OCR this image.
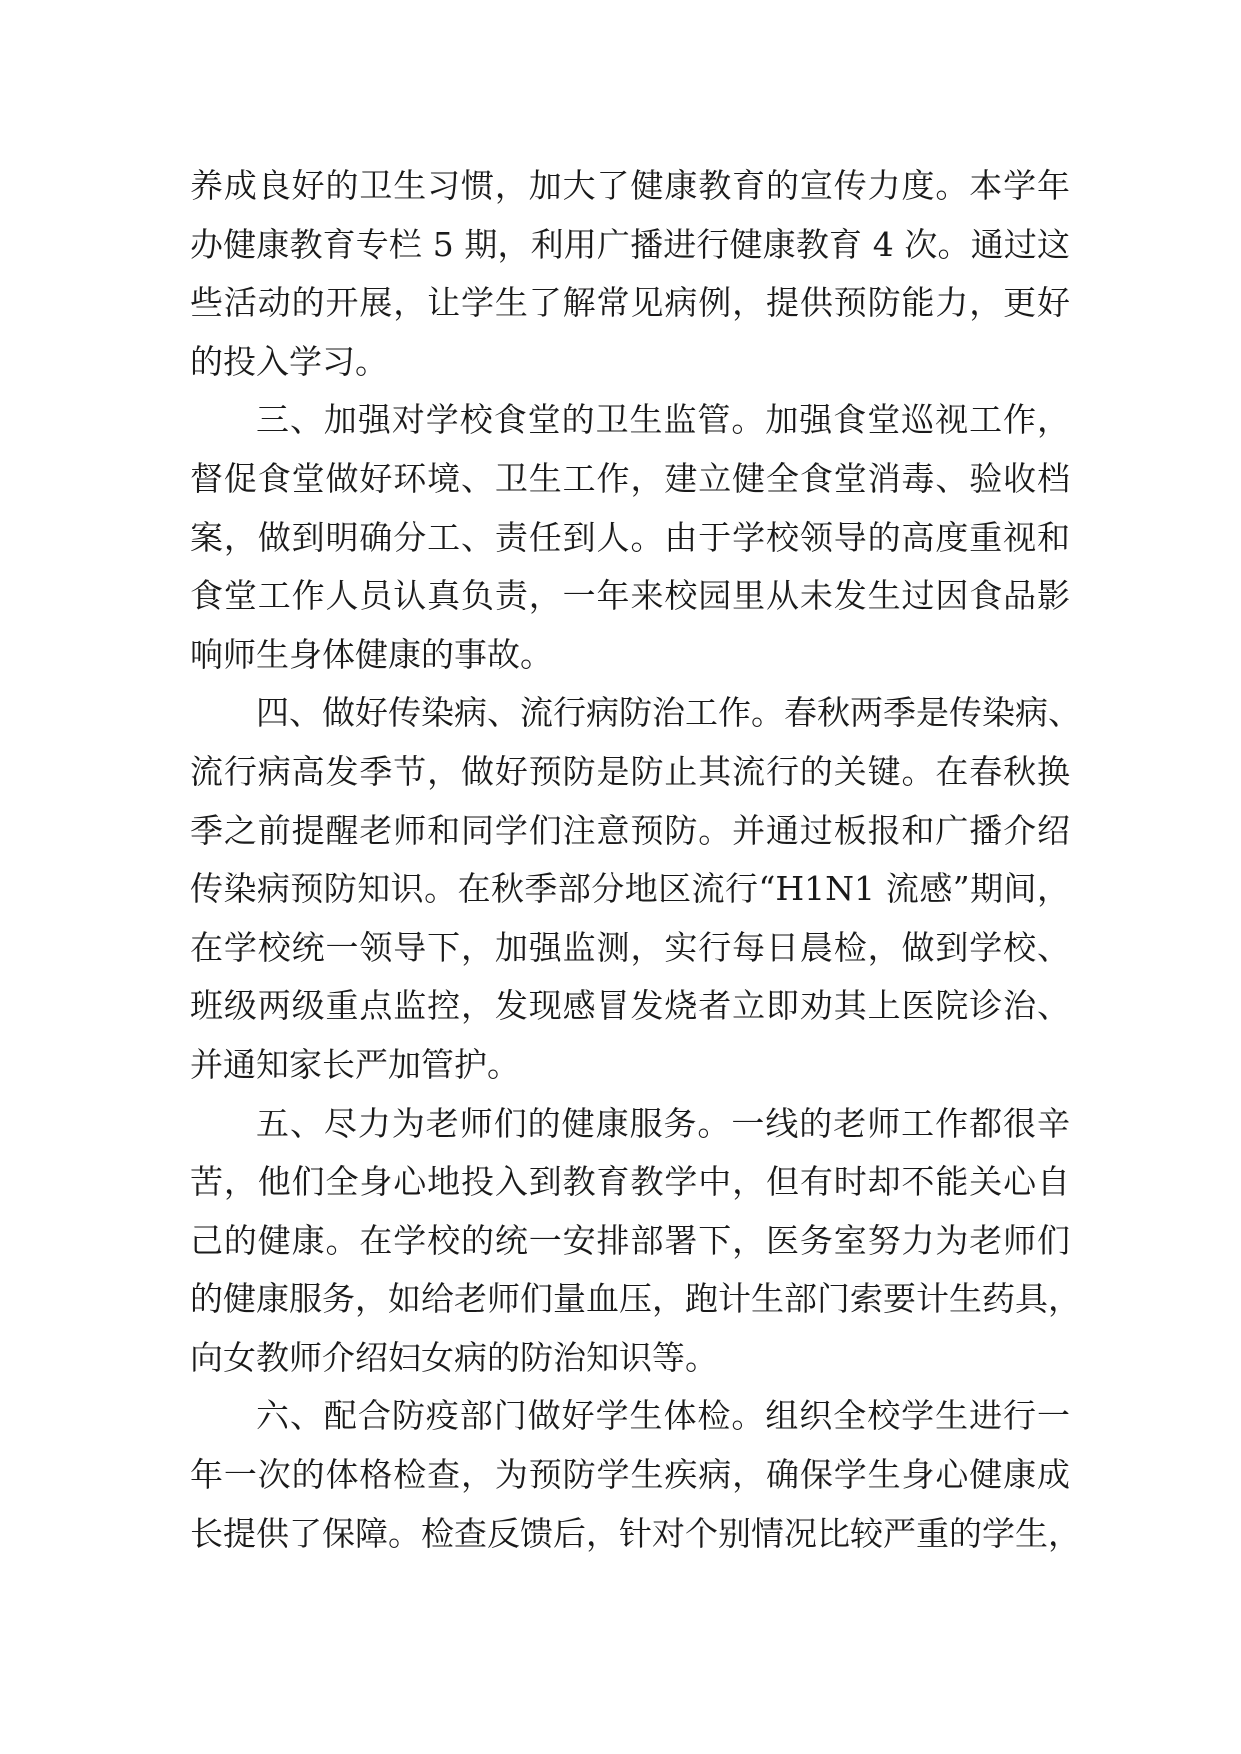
养成良好的卫生习惯，加大了健康教育的宣传力度。本学年
办健康教育专栏 5 期，利用广播进行健康教育 4 次。通过这
些活动的开展，让学生了解常见病例，提供预防能力，更好
的投入学习。
三、加强对学校食堂的卫生监管。加强食堂巡视工作，
督促食堂做好环境、卫生工作，建立健全食堂消毒、验收档
案，做到明确分工、责任到人。由于学校领导的高度重视和
食堂工作人员认真负责，一年来校园里从未发生过因食品影
响师生身体健康的事故。
四、做好传染病、流行病防治工作。春秋两季是传染病、
流行病高发季节，做好预防是防止其流行的关键。在春秋换
季之前提醒老师和同学们注意预防。并通过板报和广播介绍
传染病预防知识。在秋季部分地区流行“H1N1 流感”期间，
在学校统一领导下，加强监测，实行每日晨检，做到学校、
班级两级重点监控，发现感冒发烧者立即劝其上医院诊治、
并通知家长严加管护。
五、尽力为老师们的健康服务。一线的老师工作都很辛
苦，他们全身心地投入到教育教学中，但有时却不能关心自
己的健康。在学校的统一安排部署下，医务室努力为老师们
的健康服务，如给老师们量血压，跑计生部门索要计生药具，
向女教师介绍妇女病的防治知识等。
六、配合防疫部门做好学生体检。组织全校学生进行一
年一次的体格检查，为预防学生疾病，确保学生身心健康成
长提供了保障。检查反馈后，针对个别情况比较严重的学生，
